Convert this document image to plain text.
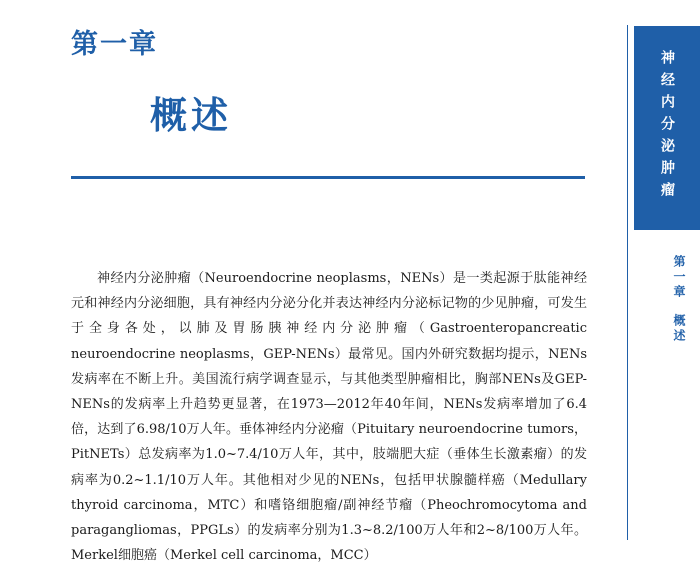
第一章
概述

神经内分泌肿瘤（Neuroendocrine neoplasms，NENs）是一类起源于肽能神经元和神经内分泌细胞，具有神经内分泌分化并表达神经内分泌标记物的少见肿瘤，可发生于全身各处，以肺及胃肠胰神经内分泌肿瘤（Gastroenteropancreatic neuroendocrine neoplasms，GEP-NENs）最常见。国内外研究数据均提示，NENs发病率在不断上升。美国流行病学调查显示，与其他类型肿瘤相比，胸部NENs及GEP-NENs的发病率上升趋势更显著，在1973—2012年40年间，NENs发病率增加了6.4倍，达到了6.98/10万人年。垂体神经内分泌瘤（Pituitary neuroendocrine tumors，PitNETs）总发病率为1.0~7.4/10万人年，其中，肢端肥大症（垂体生长激素瘤）的发病率为0.2~1.1/10万人年。其他相对少见的NENs，包括甲状腺髓样癌（Medullary thyroid carcinoma，MTC）和嗜铬细胞瘤/副神经节瘤（Pheochromocytoma and paragangliomas，PPGLs）的发病率分别为1.3~8.2/100万人年和2~8/100万人年。Merkel细胞癌（Merkel cell carcinoma，MCC）

神经内分泌肿瘤
第一章
概述
